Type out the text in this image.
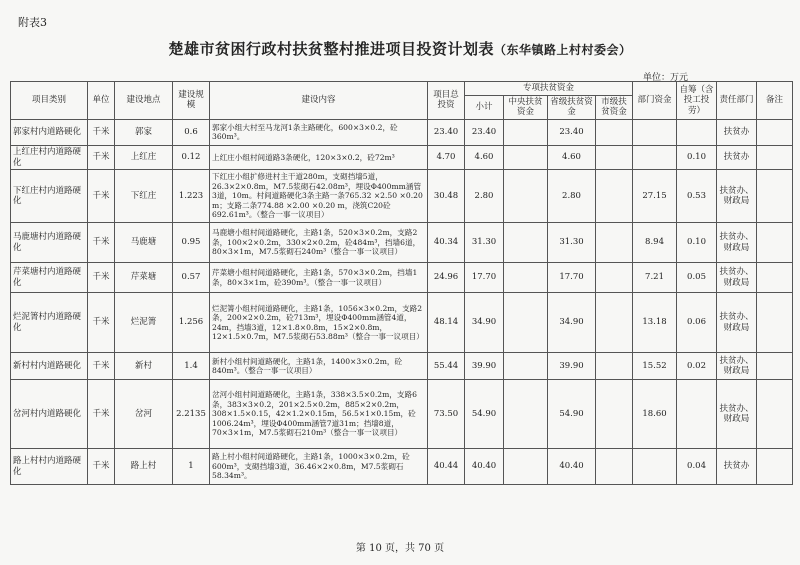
附表3
楚雄市贫困行政村扶贫整村推进项目投资计划表（东华镇路上村村委会）
单位：万元
项目类别	单位	建设地点	建设规模	建设内容	项目总投资	专项扶贫资金				部门资金	自筹（含投工投劳）	责任部门	备注
						小计	中央扶贫资金	省级扶贫资金	市级扶贫资金				
郭家村内道路硬化	千米	郭家	0.6	郭家小组大村至马龙河1条主路硬化，600×3×0.2，砼360m³。	23.40	23.40		23.40				扶贫办	
上红庄村内道路硬化	千米	上红庄	0.12	上红庄小组村间道路3条硬化，120×3×0.2，砼72m³	4.70	4.60		4.60			0.10	扶贫办	
下红庄村内道路硬化	千米	下红庄	1.223	下红庄小组扩修进村主干道280m，支砌挡墙5道，26.3×2×0.8m，M7.5浆砌石42.08m³，埋设Φ400mm涵管3道，10m。村间道路硬化3条主路一条765.32 ×2.50 ×0.20 m；支路二条774.88 ×2.00 ×0.20 m，浇筑C20砼692.61m³。（整合一事一议项目）	30.48	2.80		2.80		27.15	0.53	扶贫办、财政局	
马鹿塘村内道路硬化	千米	马鹿塘	0.95	马鹿塘小组村间道路硬化，主路1条，520×3×0.2m，支路2条，100×2×0.2m，330×2×0.2m，砼484m³，挡墙6道，80×3×1m，M7.5浆砌石240m³（整合一事一议项目）	40.34	31.30		31.30		8.94	0.10	扶贫办、财政局	
芹菜塘村内道路硬化	千米	芹菜塘	0.57	芹菜塘小组村间道路硬化，主路1条，570×3×0.2m，挡墙1条，80×3×1m，砼390m³。（整合一事一议项目）	24.96	17.70		17.70		7.21	0.05	扶贫办、财政局	
烂泥箐村内道路硬化	千米	烂泥箐	1.256	烂泥箐小组村间道路硬化，主路1条，1056×3×0.2m，支路2条，200×2×0.2m，砼713m³，埋设Φ400mm涵管4道，24m，挡墙3道，12×1.8×0.8m，15×2×0.8m，12×1.5×0.7m，M7.5浆砌石53.88m³（整合一事一议项目）	48.14	34.90		34.90		13.18	0.06	扶贫办、财政局	
新村村内道路硬化	千米	新村	1.4	新村小组村间道路硬化，主路1条，1400×3×0.2m，砼840m³。（整合一事一议项目）	55.44	39.90		39.90		15.52	0.02	扶贫办、财政局	
岔河村内道路硬化	千米	岔河	2.2135	岔河小组村间道路硬化，主路1条，338×3.5×0.2m，支路6条，383×3×0.2，201×2.5×0.2m，885×2×0.2m，308×1.5×0.15，42×1.2×0.15m，56.5×1×0.15m，砼1006.24m³，埋设Φ400mm涵管7道31m；挡墙8道，70×3×1m，M7.5浆砌石210m³（整合一事一议项目）	73.50	54.90		54.90		18.60		扶贫办、财政局	
路上村村内道路硬化	千米	路上村	1	路上村小组村间道路硬化，主路1条，1000×3×0.2m，砼600m³，支砌挡墙3道，36.46×2×0.8m，M7.5浆砌石58.34m³。	40.44	40.40		40.40			0.04	扶贫办	
第 10 页，共 70 页
